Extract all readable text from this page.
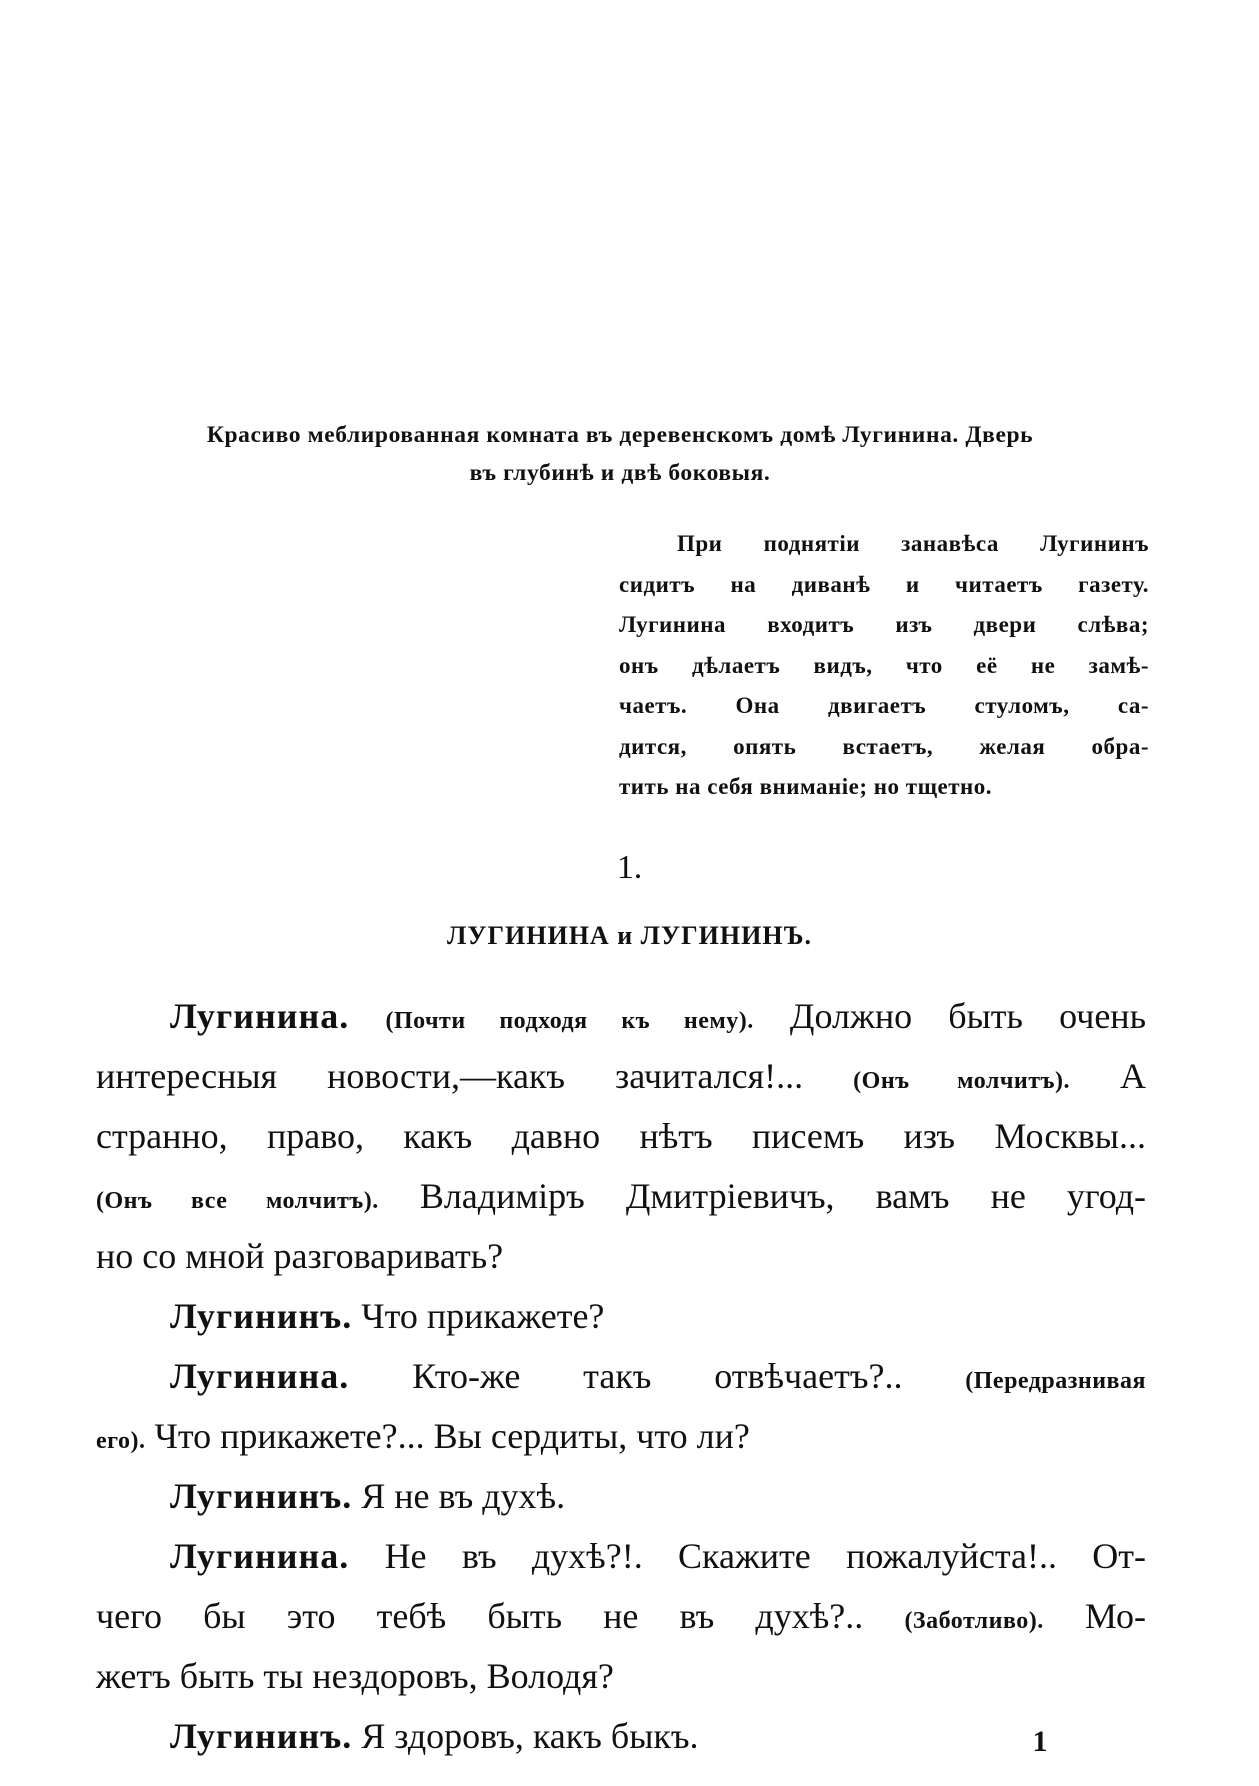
Красиво меблированная комната въ деревенскомъ домѣ Лугинина. Дверь
въ глубинѣ и двѣ боковыя.
При поднятіи занавѣса Лугининъ
сидитъ на диванѣ и читаетъ газету.
Лугинина входитъ изъ двери слѣва;
онъ дѣлаетъ видъ, что её не замѣ-
чаетъ. Она двигаетъ стуломъ, са-
дится, опять встаетъ, желая обра-
тить на себя вниманіе; но тщетно.
1.
ЛУГИНИНА и ЛУГИНИНЪ.
Лугинина. (Почти подходя къ нему). Должно быть очень
интересныя новости,—какъ зачитался!... (Онъ молчитъ). А
странно, право, какъ давно нѣтъ писемъ изъ Москвы...
(Онъ все молчитъ). Владиміръ Дмитріевичъ, вамъ не угод-
но со мной разговаривать?
Лугининъ. Что прикажете?
Лугинина. Кто-же такъ отвѣчаетъ?..	(Передразнивая
его). Что прикажете?... Вы сердиты, что ли?
Лугининъ. Я не въ духѣ.
Лугинина. Не въ духѣ?!. Скажите пожалуйста!.. От-
чего бы это тебѣ быть не въ духѣ?.. (Заботливо). Мо-
жетъ быть ты нездоровъ, Володя?
Лугининъ. Я здоровъ, какъ быкъ.	1
